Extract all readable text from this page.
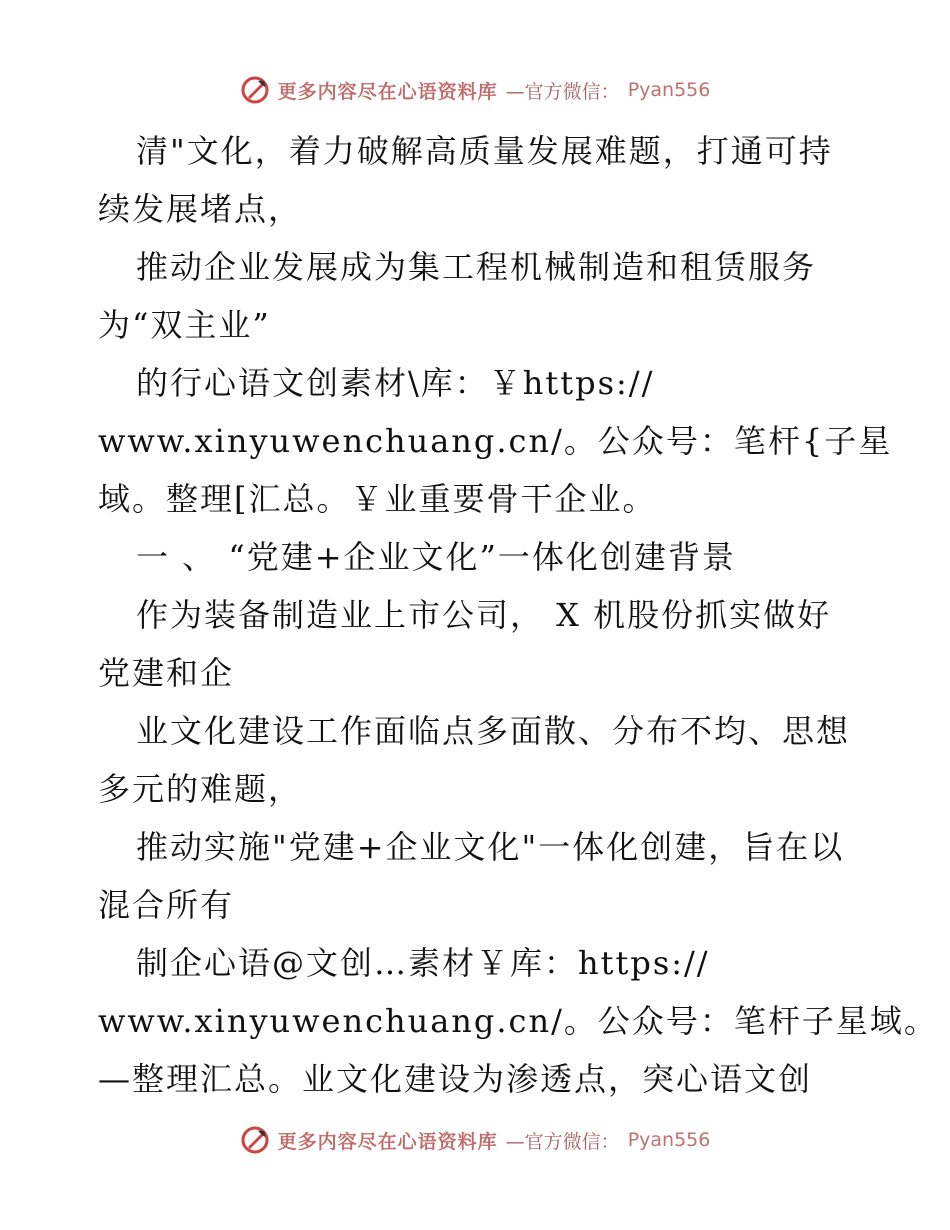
更多内容尽在心语资料库 —官方微信： Pyan556
清"文化，着力破解高质量发展难题，打通可持
续发展堵点，
推动企业发展成为集工程机械制造和租赁服务
为“双主业”
的行心语文创素材\库：￥https://
www.xinyuwenchuang.cn/。公众号：笔杆{子星
域。整理[汇总。￥业重要骨干企业。
一 、 “党建+企业文化”一体化创建背景
作为装备制造业上市公司， X 机股份抓实做好
党建和企
业文化建设工作面临点多面散、分布不均、思想
多元的难题，
推动实施"党建+企业文化"一体化创建，旨在以
混合所有
制企心语@文创…素材￥库：https://
www.xinyuwenchuang.cn/。公众号：笔杆子星域。
—整理汇总。业文化建设为渗透点，突心语文创
更多内容尽在心语资料库 —官方微信： Pyan556
